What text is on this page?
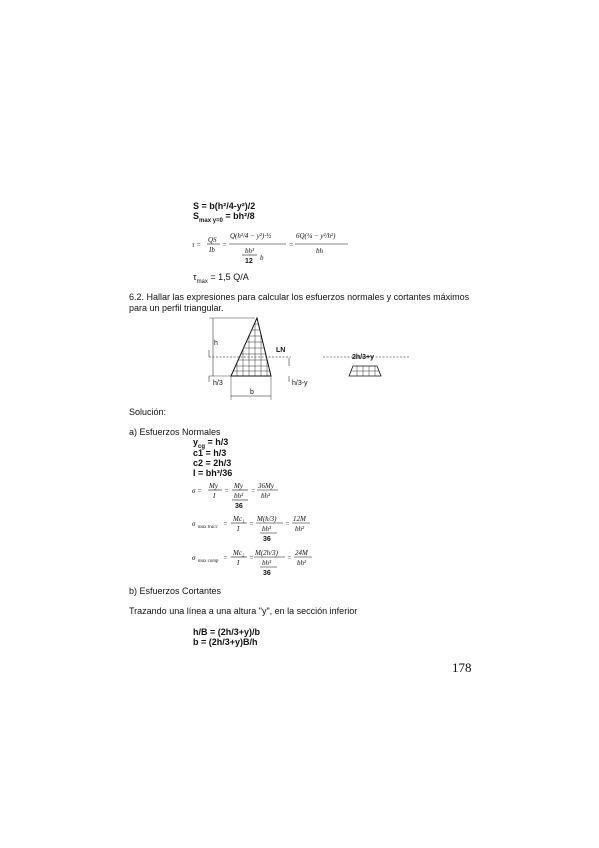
S = b(h²/4-y²)/2
$S_{max y=0} = bh^2/8$
τ =
QS
Ib
=
Q(h²/4 − y²)·½
bh³
12 b
=
6Q(¼ − y²/h²)
bh
$\tau_{max} = 1,5$ Q/A
6.2. Hallar las expresiones para calcular los esfuerzos normales y cortantes máximos
para un perfil triangular.
h
h/3
LN
h/3-y
b
2h/3+y
Solución:
a) Esfuerzos Normales
$y_{cg} = h/3$
c1 = h/3
c2 = 2h/3
I = bh³/36
σ =
My
I
=
My
bh³
36
=
36My
bh³
σ max tracc =
Mc₁
I
=
M(h/3)
bh³
36
=
12M
bh²
σ max comp =
Mc₂
I
=
M(2h/3)
bh³
36
=
24M
bh²
b) Esfuerzos Cortantes
Trazando una línea a una altura "y", en la sección inferior
h/B = (2h/3+y)/b
b = (2h/3+y)B/h
178
